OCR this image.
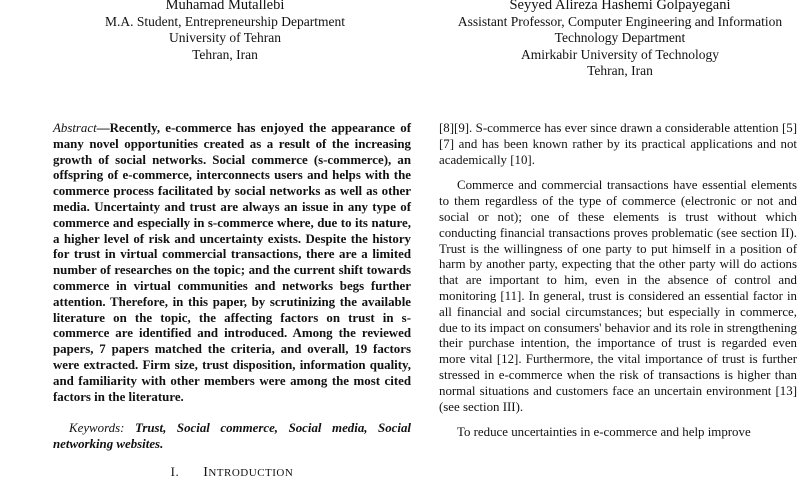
Muhamad Mutallebi
M.A. Student, Entrepreneurship Department
University of Tehran
Tehran, Iran
Seyyed Alireza Hashemi Golpayegani
Assistant Professor, Computer Engineering and Information
Technology Department
Amirkabir University of Technology
Tehran, Iran

Abstract—Recently, e-commerce has enjoyed the appearance of many novel opportunities created as a result of the increasing growth of social networks. Social commerce (s-commerce), an offspring of e-commerce, interconnects users and helps with the commerce process facilitated by social networks as well as other media. Uncertainty and trust are always an issue in any type of commerce and especially in s-commerce where, due to its nature, a higher level of risk and uncertainty exists. Despite the history for trust in virtual commercial transactions, there are a limited number of researches on the topic; and the current shift towards commerce in virtual communities and networks begs further attention. Therefore, in this paper, by scrutinizing the available literature on the topic, the affecting factors on trust in s-commerce are identified and introduced. Among the reviewed papers, 7 papers matched the criteria, and overall, 19 factors were extracted. Firm size, trust disposition, information quality, and familiarity with other members were among the most cited factors in the literature.

Keywords: Trust, Social commerce, Social media, Social networking websites.

I. INTRODUCTION

[8][9]. S-commerce has ever since drawn a considerable attention [5][7] and has been known rather by its practical applications and not academically [10].

Commerce and commercial transactions have essential elements to them regardless of the type of commerce (electronic or not and social or not); one of these elements is trust without which conducting financial transactions proves problematic (see section II). Trust is the willingness of one party to put himself in a position of harm by another party, expecting that the other party will do actions that are important to him, even in the absence of control and monitoring [11]. In general, trust is considered an essential factor in all financial and social circumstances; but especially in commerce, due to its impact on consumers' behavior and its role in strengthening their purchase intention, the importance of trust is regarded even more vital [12]. Furthermore, the vital importance of trust is further stressed in e-commerce when the risk of transactions is higher than normal situations and customers face an uncertain environment [13] (see section III).

To reduce uncertainties in e-commerce and help improve
